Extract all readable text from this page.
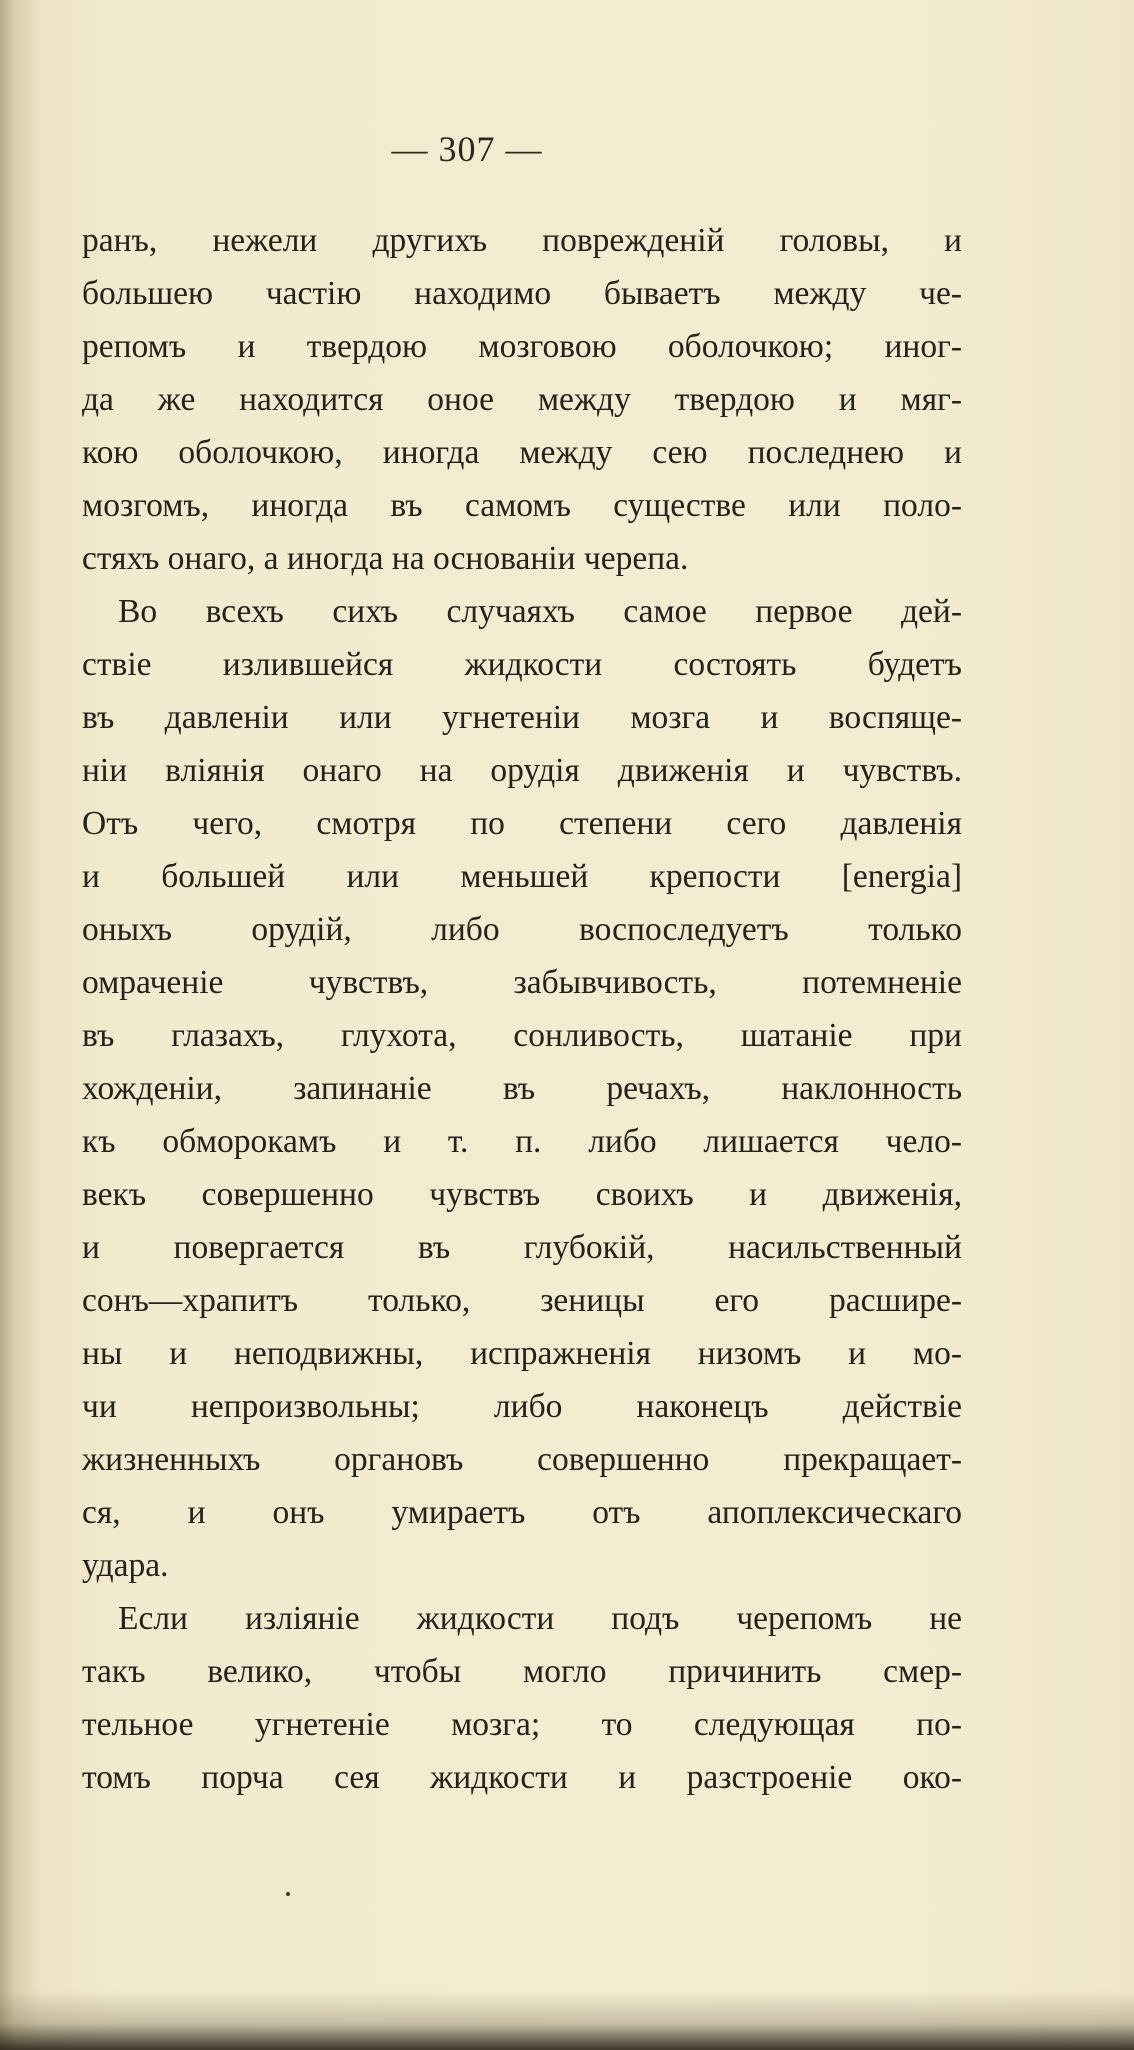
— 307 —
ранъ, нежели другихъ поврежденій головы, и
большею частію находимо бываетъ между че-
репомъ и твердою мозговою оболочкою; иног-
да же находится оное между твердою и мяг-
кою оболочкою, иногда между сею последнею и
мозгомъ, иногда въ самомъ существе или поло-
стяхъ онаго, а иногда на основаніи черепа.
Во всехъ сихъ случаяхъ самое первое дей-
ствіе излившейся жидкости состоять будетъ
въ давленіи или угнетеніи мозга и воспяще-
ніи вліянія онаго на орудія движенія и чувствъ.
Отъ чего, смотря по степени сего давленія
и большей или меньшей крепости [energia]
оныхъ орудій, либо воспоследуетъ только
омраченіе чувствъ, забывчивость, потемненіе
въ глазахъ, глухота, сонливость, шатаніе при
хожденіи, запинаніе въ речахъ, наклонность
къ обморокамъ и т. п. либо лишается чело-
векъ совершенно чувствъ своихъ и движенія,
и повергается въ глубокій, насильственный
сонъ—храпитъ только, зеницы его расшире-
ны и неподвижны, испражненія низомъ и мо-
чи непроизвольны; либо наконецъ действіе
жизненныхъ органовъ совершенно прекращает-
ся, и онъ умираетъ отъ апоплексическаго
удара.
Если изліяніе жидкости подъ черепомъ не
такъ велико, чтобы могло причинить смер-
тельное угнетеніе мозга; то следующая по-
томъ порча сея жидкости и разстроеніе око-
